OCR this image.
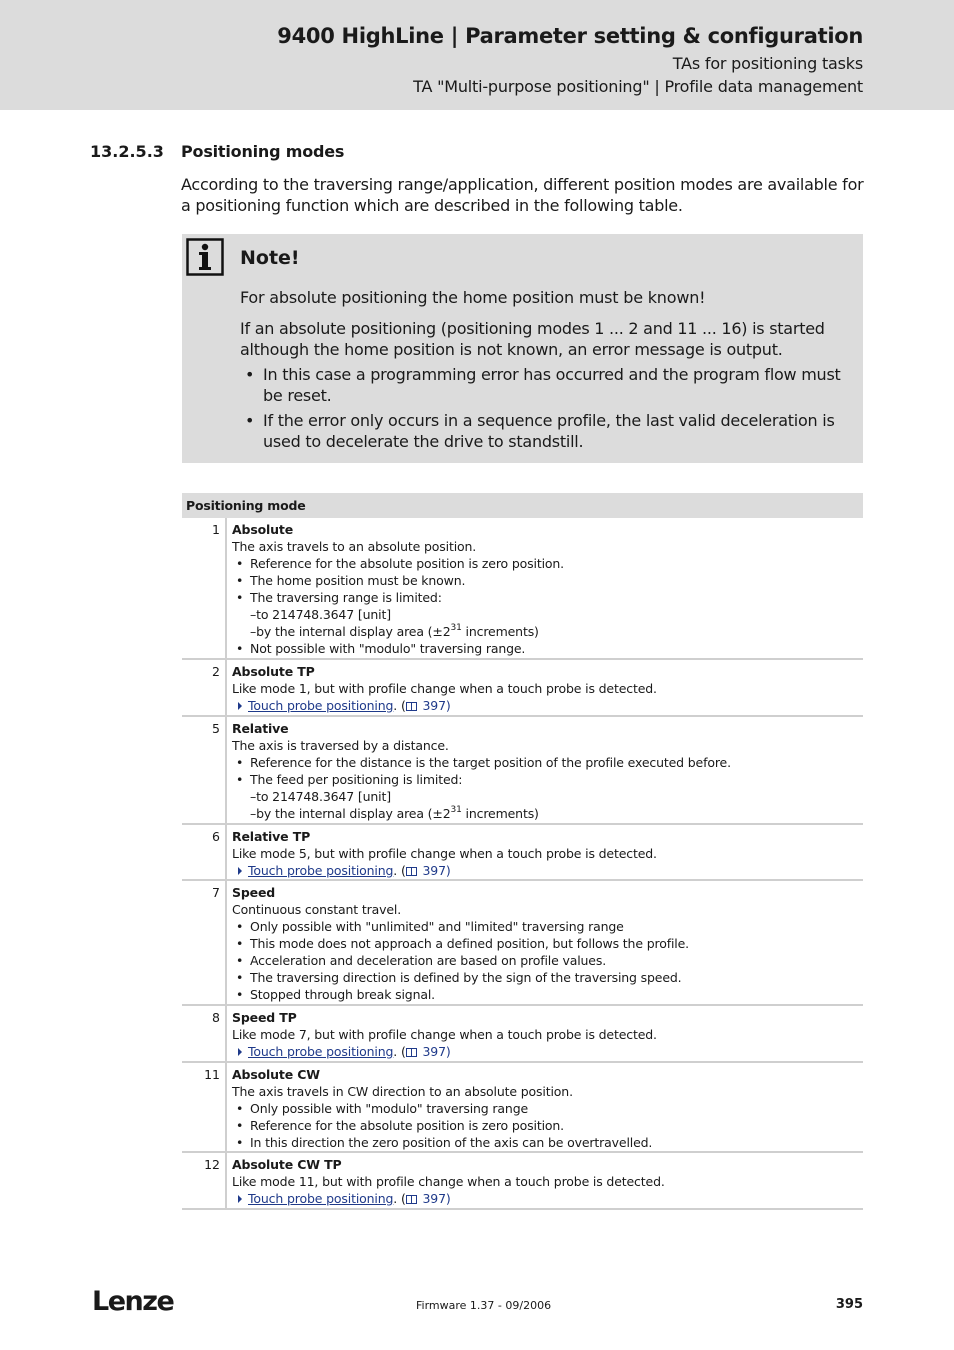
9400 HighLine | Parameter setting & configuration
TAs for positioning tasks
TA "Multi-purpose positioning" | Profile data management
13.2.5.3 Positioning modes

According to the traversing range/application, different position modes are available for a positioning function which are described in the following table.

Note!
For absolute positioning the home position must be known!
If an absolute positioning (positioning modes 1 ... 2 and 11 ... 16) is started although the home position is not known, an error message is output.
• In this case a programming error has occurred and the program flow must be reset.
• If the error only occurs in a sequence profile, the last valid deceleration is used to decelerate the drive to standstill.
Positioning mode
1 Absolute
The axis travels to an absolute position.
• Reference for the absolute position is zero position.
• The home position must be known.
• The traversing range is limited:
–to 214748.3647 [unit]
–by the internal display area ($\pm 2^{31}$ increments)
• Not possible with "modulo" traversing range.
2 Absolute TP
Like mode 1, but with profile change when a touch probe is detected.
Touch probe positioning. ( 397)
5 Relative
The axis is traversed by a distance.
• Reference for the distance is the target position of the profile executed before.
• The feed per positioning is limited:
–to 214748.3647 [unit]
–by the internal display area ($\pm 2^{31}$ increments)
6 Relative TP
Like mode 5, but with profile change when a touch probe is detected.
Touch probe positioning. ( 397)
7 Speed
Continuous constant travel.
• Only possible with "unlimited" and "limited" traversing range
• This mode does not approach a defined position, but follows the profile.
• Acceleration and deceleration are based on profile values.
• The traversing direction is defined by the sign of the traversing speed.
• Stopped through break signal.
8 Speed TP
Like mode 7, but with profile change when a touch probe is detected.
Touch probe positioning. ( 397)
11 Absolute CW
The axis travels in CW direction to an absolute position.
• Only possible with "modulo" traversing range
• Reference for the absolute position is zero position.
• In this direction the zero position of the axis can be overtravelled.
12 Absolute CW TP
Like mode 11, but with profile change when a touch probe is detected.
Touch probe positioning. ( 397)
Lenze	Firmware 1.37 - 09/2006	395
